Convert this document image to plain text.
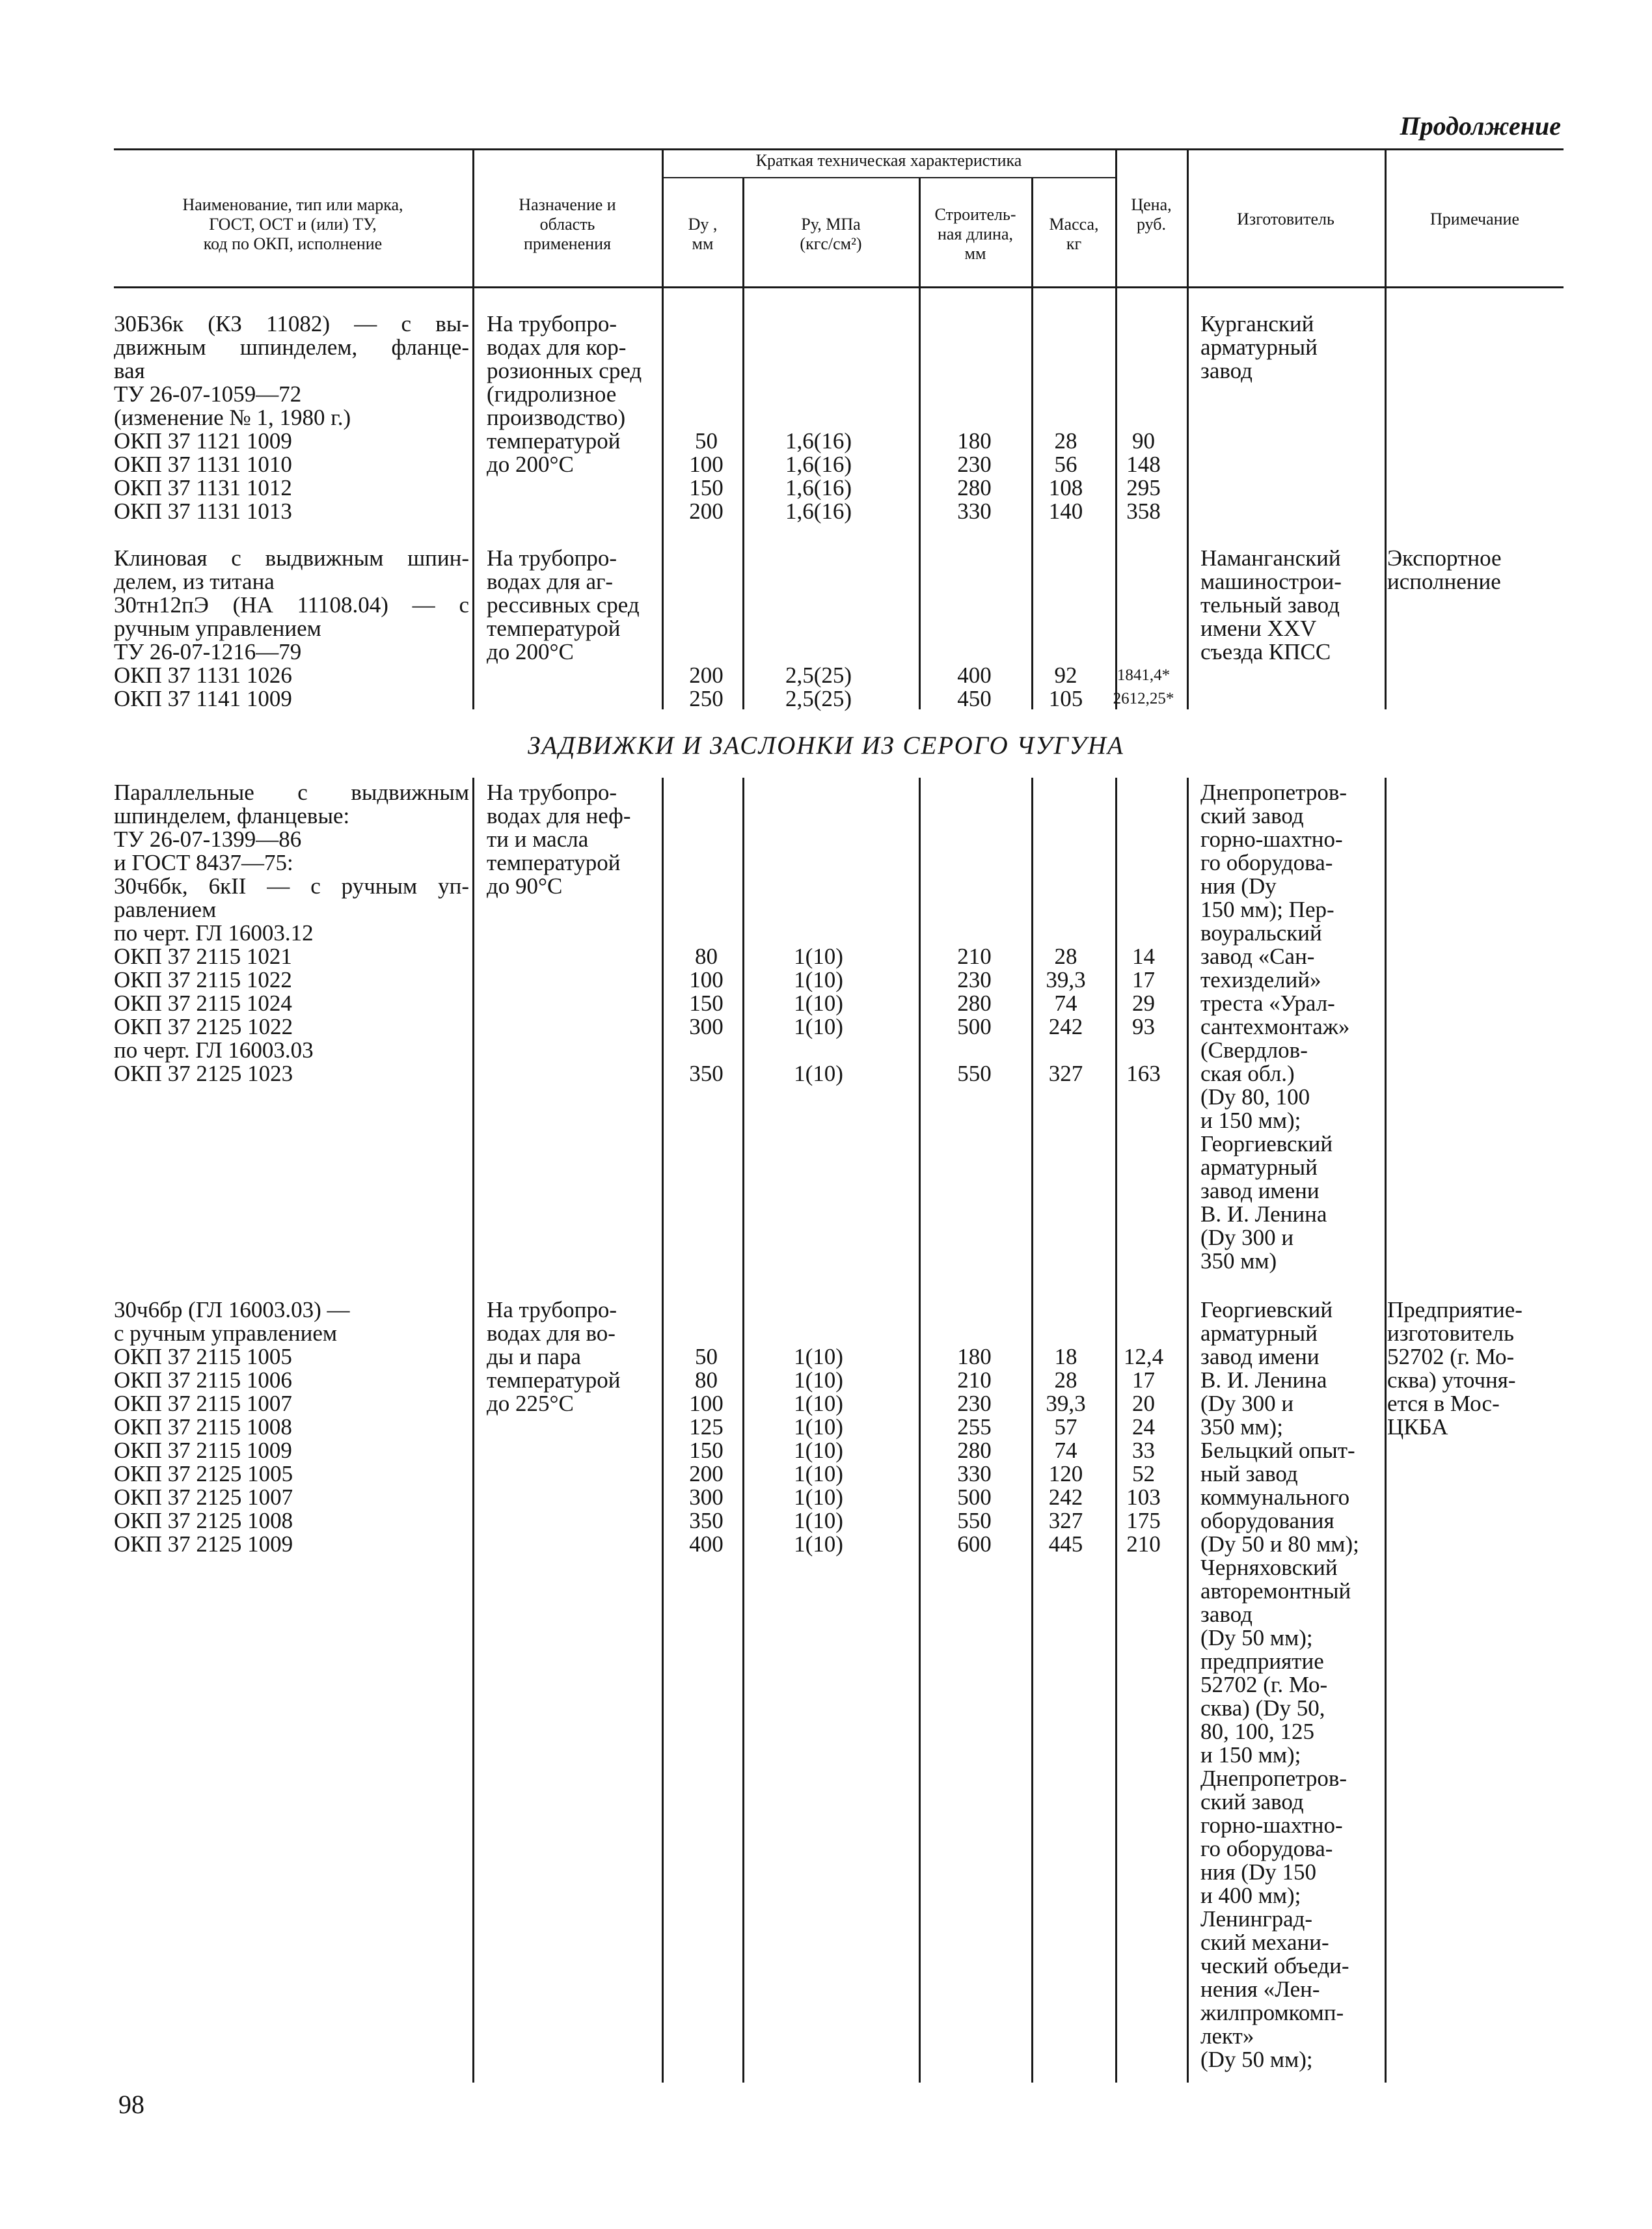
Продолжение
Наименование, тип или марка,
ГОСТ, ОСТ и (или) ТУ,
код по ОКП, исполнение
Назначение и
область
применения
Краткая техническая характеристика
Dу ,
мм
Pу, МПа
(кгс/см²)
Строитель-
ная длина,
мм
Масса,
кг
Цена,
руб.	Изготовитель	Примечание
30Б36к (КЗ 11082) — с вы-
движным шпинделем, фланце-
вая
ТУ 26-07-1059—72
(изменение № 1, 1980 г.)
ОКП 37 1121 1009
ОКП 37 1131 1010
ОКП 37 1131 1012
ОКП 37 1131 1013
На трубопро-
водах для кор-
розионных сред
(гидролизное
производство)
температурой
до 200°С
50
100
150
200
1,6(16)
1,6(16)
1,6(16)
1,6(16)
180
230
280
330
28
56
108
140
90
148
295
358
Курганский
арматурный
завод
Клиновая с выдвижным шпин-
делем, из титана
30тн12пЭ (НА 11108.04) — с
ручным управлением
ТУ 26-07-1216—79
ОКП 37 1131 1026
ОКП 37 1141 1009
На трубопро-
водах для аг-
рессивных сред
температурой
до 200°С
200
250
2,5(25)
2,5(25)
400
450
92
105
1841,4*
2612,25*
Наманганский
машинострои-
тельный завод
имени XXV
съезда КПСС
Экспортное
исполнение
ЗАДВИЖКИ И ЗАСЛОНКИ ИЗ СЕРОГО ЧУГУНА
Параллельные с выдвижным
шпинделем, фланцевые:
ТУ 26-07-1399—86
и ГОСТ 8437—75:
30ч6бк, 6кII — с ручным уп-
равлением
по черт. ГЛ 16003.12
ОКП 37 2115 1021
ОКП 37 2115 1022
ОКП 37 2115 1024
ОКП 37 2125 1022
по черт. ГЛ 16003.03
ОКП 37 2125 1023
На трубопро-
водах для неф-
ти и масла
температурой
до 90°С
80
100
150
300
350
1(10)
1(10)
1(10)
1(10)
1(10)
210
230
280
500
550
28
39,3
74
242
327
14
17
29
93
163
Днепропетров-
ский завод
горно-шахтно-
го оборудова-
ния (Dу
150 мм); Пер-
воуральский
завод «Сан-
техизделий»
треста «Урал-
сантехмонтаж»
(Свердлов-
ская обл.)
(Dу 80, 100
и 150 мм);
Георгиевский
арматурный
завод имени
В. И. Ленина
(Dу 300 и
350 мм)
30ч6бр (ГЛ 16003.03) —
с ручным управлением
ОКП 37 2115 1005
ОКП 37 2115 1006
ОКП 37 2115 1007
ОКП 37 2115 1008
ОКП 37 2115 1009
ОКП 37 2125 1005
ОКП 37 2125 1007
ОКП 37 2125 1008
ОКП 37 2125 1009
На трубопро-
водах для во-
ды и пара
температурой
до 225°С
50
80
100
125
150
200
300
350
400
1(10)
1(10)
1(10)
1(10)
1(10)
1(10)
1(10)
1(10)
1(10)
180
210
230
255
280
330
500
550
600
18
28
39,3
57
74
120
242
327
445
12,4
17
20
24
33
52
103
175
210
Георгиевский
арматурный
завод имени
В. И. Ленина
(Dу 300 и
350 мм);
Бельцкий опыт-
ный завод
коммунального
оборудования
(Dу 50 и 80 мм);
Черняховский
авторемонтный
завод
(Dу 50 мм);
предприятие
52702 (г. Мо-
сква) (Dу 50,
80, 100, 125
и 150 мм);
Днепропетров-
ский завод
горно-шахтно-
го оборудова-
ния (Dу 150
и 400 мм);
Ленинград-
ский механи-
ческий объеди-
нения «Лен-
жилпромкомп-
лект»
(Dу 50 мм);
Предприятие-
изготовитель
52702 (г. Мо-
сква) уточня-
ется в Мос-
ЦКБА
98
